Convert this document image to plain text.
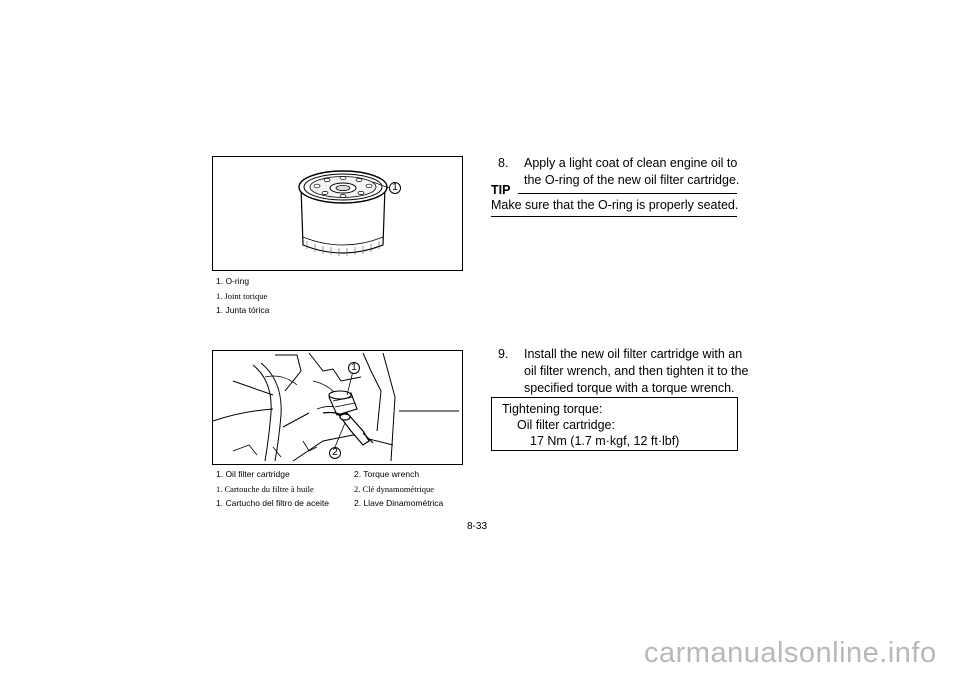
1
1. O-ring
1. Joint torique
1. Junta tórica
1
2
1. Oil filter cartridge
1. Cartouche du filtre à huile
1. Cartucho del filtro de aceite
2. Torque wrench
2. Clé dynamométrique
2. Llave Dinamométrica
8. Apply a light coat of clean engine oil to the O-ring of the new oil filter cartridge.
TIP
Make sure that the O-ring is properly seated.
9. Install the new oil filter cartridge with an oil filter wrench, and then tighten it to the specified torque with a torque wrench.
Tightening torque:
Oil filter cartridge:
17 Nm (1.7 m·kgf, 12 ft·lbf)
8-33
carmanualsonline.info
